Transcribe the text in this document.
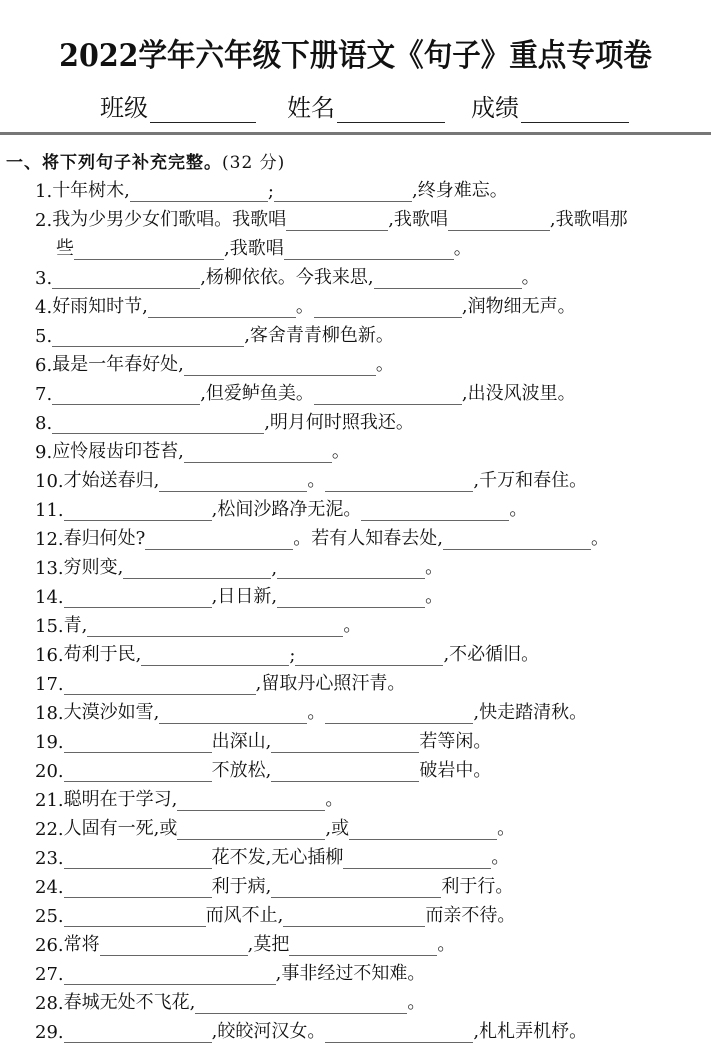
2022学年六年级下册语文《句子》重点专项卷
班级	姓名	成绩
一、将下列句子补充完整。(32 分)
1. 十年树木,	;	,终身难忘。
2. 我为少男少女们歌唱。我歌唱	,我歌唱	,我歌唱那
些	,我歌唱	。
3.	,杨柳依依。今我来思,	。
4. 好雨知时节,	。	,润物细无声。
5.	,客舍青青柳色新。
6. 最是一年春好处,	。
7.	,但爱鲈鱼美。	,出没风波里。
8.	,明月何时照我还。
9. 应怜屐齿印苍苔,	。
10. 才始送春归,	。	,千万和春住。
11.	,松间沙路净无泥。	。
12. 春归何处?	。若有人知春去处,	。
13. 穷则变,	,	。
14.	,日日新,	。
15. 青,	。
16. 苟利于民,	;	,不必循旧。
17.	,留取丹心照汗青。
18. 大漠沙如雪,	。	,快走踏清秋。
19.	出深山,	若等闲。
20.	不放松,	破岩中。
21. 聪明在于学习,	。
22. 人固有一死,或	,或	。
23.	花不发,无心插柳	。
24.	利于病,	利于行。
25.	而风不止,	而亲不待。
26. 常将	,莫把	。
27.	,事非经过不知难。
28. 春城无处不飞花,	。
29.	,皎皎河汉女。	,札札弄机杼。
